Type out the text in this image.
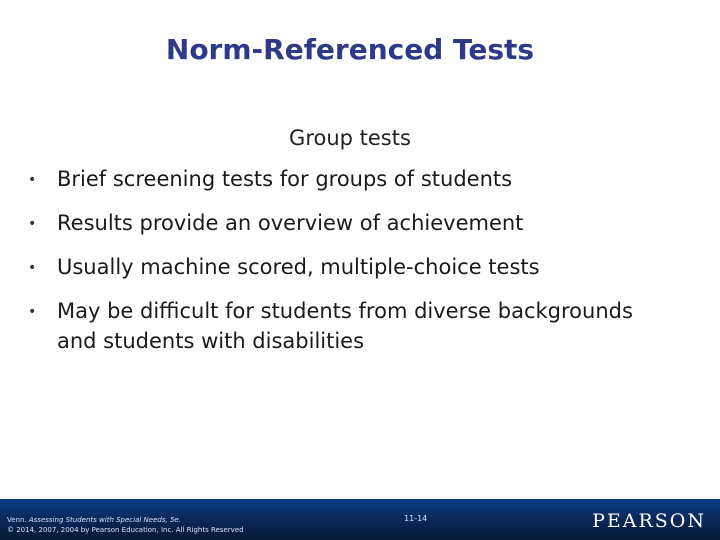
Norm-Referenced Tests
Group tests
• Brief screening tests for groups of students
• Results provide an overview of achievement
• Usually machine scored, multiple-choice tests
• May be difficult for students from diverse backgrounds and students with disabilities
Venn. Assessing Students with Special Needs, 5e.
© 2014, 2007, 2004 by Pearson Education, Inc. All Rights Reserved
11-14	PEARSON
